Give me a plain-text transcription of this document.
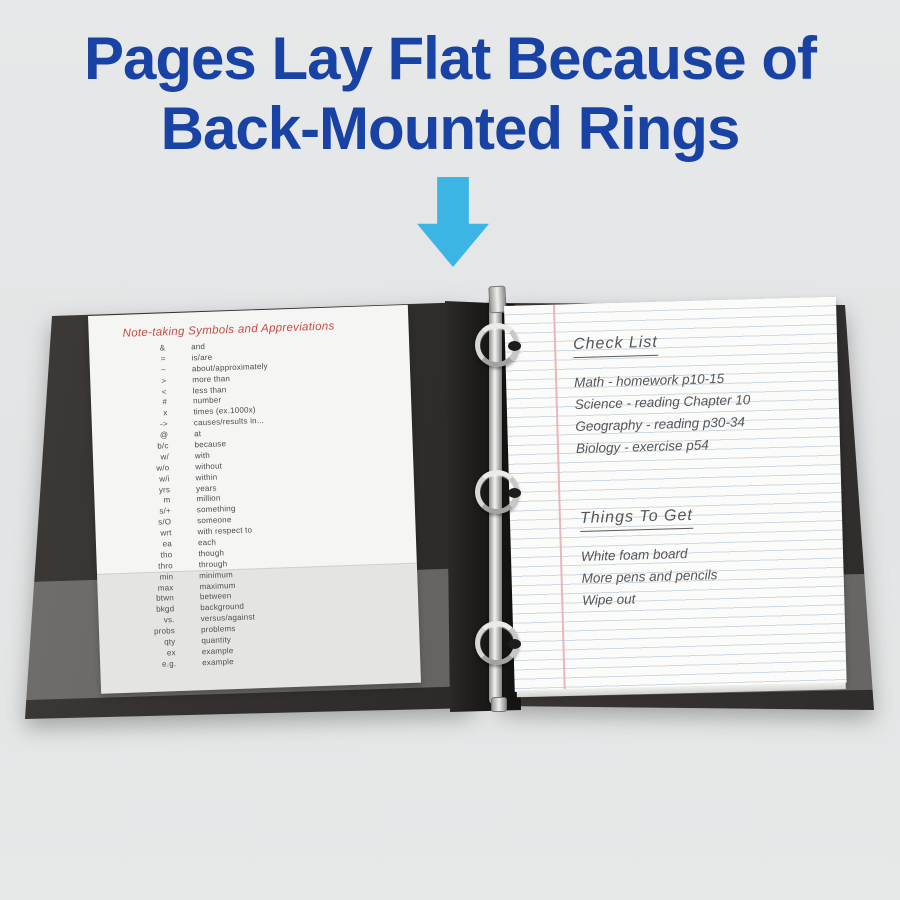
Pages Lay Flat Because of
Back-Mounted Rings
Note-taking Symbols and Appreviations
&	and
=	is/are
~	about/approximately
>	more than
<	less than
#	number
x	times (ex.1000x)
->	causes/results in...
@	at
b/c	because
w/	with
w/o	without
w/i	within
yrs	years
m	million
s/+	something
s/O	someone
wrt	with respect to
ea	each
tho	though
thro	through
min	minimum
max	maximum
btwn	between
bkgd	background
vs.	versus/against
probs	problems
qty	quantity
ex	example
e.g.	example
Check List
Math - homework p10-15
Science - reading Chapter 10
Geography - reading p30-34
Biology - exercise p54
Things To Get
White foam board
More pens and pencils
Wipe out
